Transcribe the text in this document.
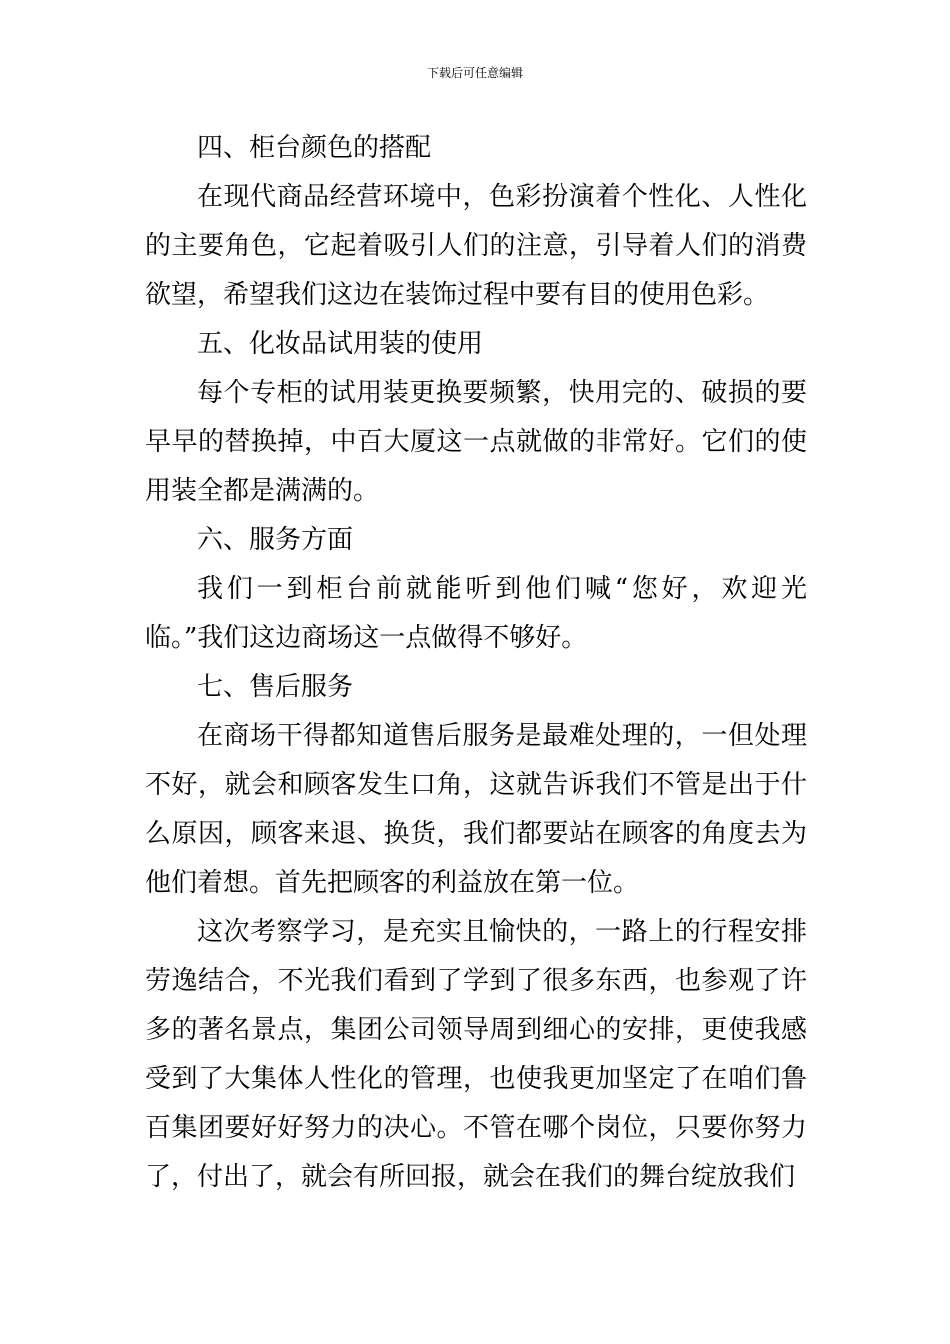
下载后可任意编辑

四、柜台颜色的搭配

在现代商品经营环境中，色彩扮演着个性化、人性化的主要角色，它起着吸引人们的注意，引导着人们的消费欲望，希望我们这边在装饰过程中要有目的使用色彩。

五、化妆品试用装的使用

每个专柜的试用装更换要频繁，快用完的、破损的要早早的替换掉，中百大厦这一点就做的非常好。它们的使用装全都是满满的。

六、服务方面

我们一到柜台前就能听到他们喊“您好，欢迎光临。”我们这边商场这一点做得不够好。

七、售后服务

在商场干得都知道售后服务是最难处理的，一但处理不好，就会和顾客发生口角，这就告诉我们不管是出于什么原因，顾客来退、换货，我们都要站在顾客的角度去为他们着想。首先把顾客的利益放在第一位。

这次考察学习，是充实且愉快的，一路上的行程安排劳逸结合，不光我们看到了学到了很多东西，也参观了许多的著名景点，集团公司领导周到细心的安排，更使我感受到了大集体人性化的管理，也使我更加坚定了在咱们鲁百集团要好好努力的决心。不管在哪个岗位，只要你努力了，付出了，就会有所回报，就会在我们的舞台绽放我们
